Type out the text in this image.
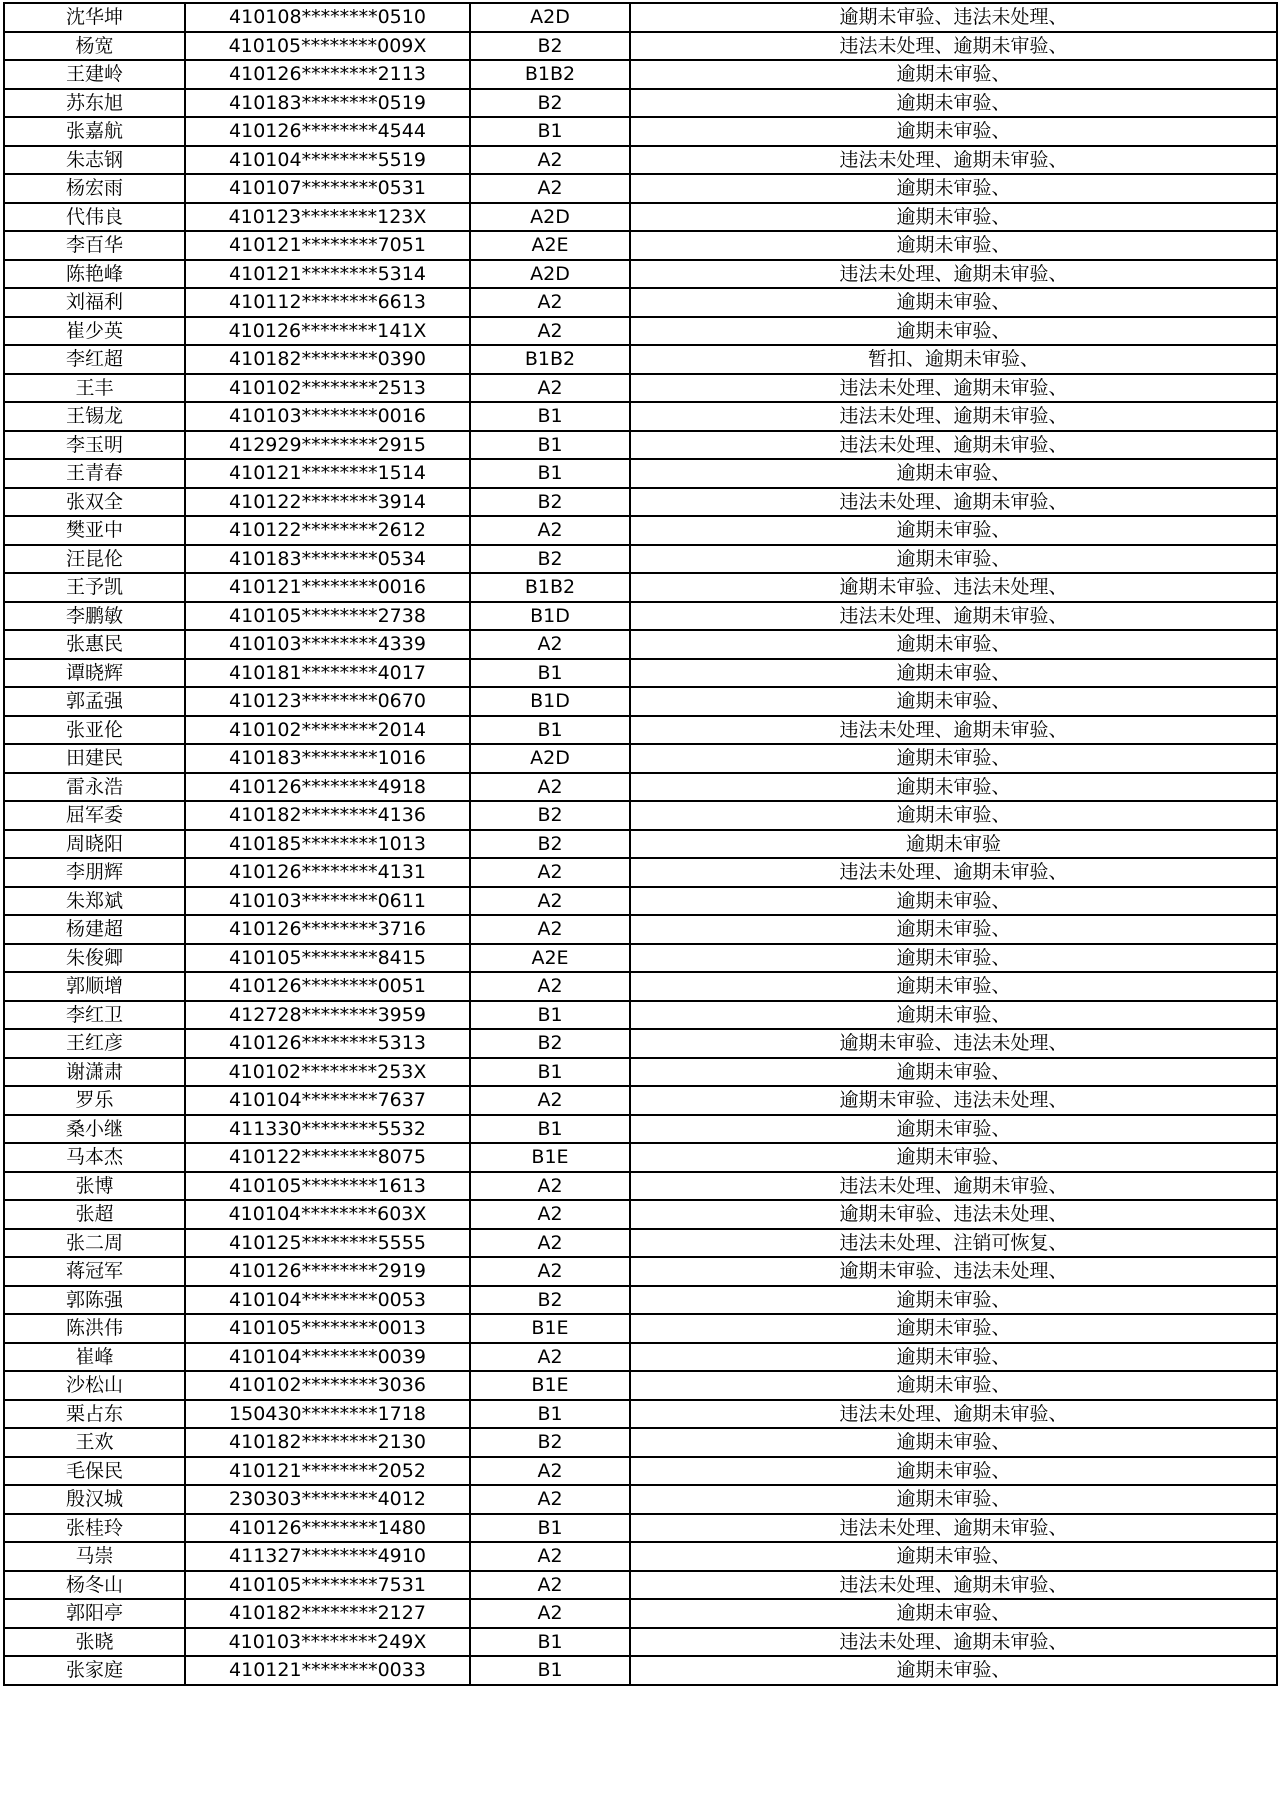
沈华坤	410108********0510	A2D	逾期未审验、违法未处理、
杨宽	410105********009X	B2	违法未处理、逾期未审验、
王建岭	410126********2113	B1B2	逾期未审验、
苏东旭	410183********0519	B2	逾期未审验、
张嘉航	410126********4544	B1	逾期未审验、
朱志钢	410104********5519	A2	违法未处理、逾期未审验、
杨宏雨	410107********0531	A2	逾期未审验、
代伟良	410123********123X	A2D	逾期未审验、
李百华	410121********7051	A2E	逾期未审验、
陈艳峰	410121********5314	A2D	违法未处理、逾期未审验、
刘福利	410112********6613	A2	逾期未审验、
崔少英	410126********141X	A2	逾期未审验、
李红超	410182********0390	B1B2	暂扣、逾期未审验、
王丰	410102********2513	A2	违法未处理、逾期未审验、
王锡龙	410103********0016	B1	违法未处理、逾期未审验、
李玉明	412929********2915	B1	违法未处理、逾期未审验、
王青春	410121********1514	B1	逾期未审验、
张双全	410122********3914	B2	违法未处理、逾期未审验、
樊亚中	410122********2612	A2	逾期未审验、
汪昆伦	410183********0534	B2	逾期未审验、
王予凯	410121********0016	B1B2	逾期未审验、违法未处理、
李鹏敏	410105********2738	B1D	违法未处理、逾期未审验、
张惠民	410103********4339	A2	逾期未审验、
谭晓辉	410181********4017	B1	逾期未审验、
郭孟强	410123********0670	B1D	逾期未审验、
张亚伦	410102********2014	B1	违法未处理、逾期未审验、
田建民	410183********1016	A2D	逾期未审验、
雷永浩	410126********4918	A2	逾期未审验、
屈军委	410182********4136	B2	逾期未审验、
周晓阳	410185********1013	B2	逾期未审验
李朋辉	410126********4131	A2	违法未处理、逾期未审验、
朱郑斌	410103********0611	A2	逾期未审验、
杨建超	410126********3716	A2	逾期未审验、
朱俊卿	410105********8415	A2E	逾期未审验、
郭顺增	410126********0051	A2	逾期未审验、
李红卫	412728********3959	B1	逾期未审验、
王红彦	410126********5313	B2	逾期未审验、违法未处理、
谢潇肃	410102********253X	B1	逾期未审验、
罗乐	410104********7637	A2	逾期未审验、违法未处理、
桑小继	411330********5532	B1	逾期未审验、
马本杰	410122********8075	B1E	逾期未审验、
张博	410105********1613	A2	违法未处理、逾期未审验、
张超	410104********603X	A2	逾期未审验、违法未处理、
张二周	410125********5555	A2	违法未处理、注销可恢复、
蒋冠军	410126********2919	A2	逾期未审验、违法未处理、
郭陈强	410104********0053	B2	逾期未审验、
陈洪伟	410105********0013	B1E	逾期未审验、
崔峰	410104********0039	A2	逾期未审验、
沙松山	410102********3036	B1E	逾期未审验、
栗占东	150430********1718	B1	违法未处理、逾期未审验、
王欢	410182********2130	B2	逾期未审验、
毛保民	410121********2052	A2	逾期未审验、
殷汉城	230303********4012	A2	逾期未审验、
张桂玲	410126********1480	B1	违法未处理、逾期未审验、
马崇	411327********4910	A2	逾期未审验、
杨冬山	410105********7531	A2	违法未处理、逾期未审验、
郭阳亭	410182********2127	A2	逾期未审验、
张晓	410103********249X	B1	违法未处理、逾期未审验、
张家庭	410121********0033	B1	逾期未审验、
